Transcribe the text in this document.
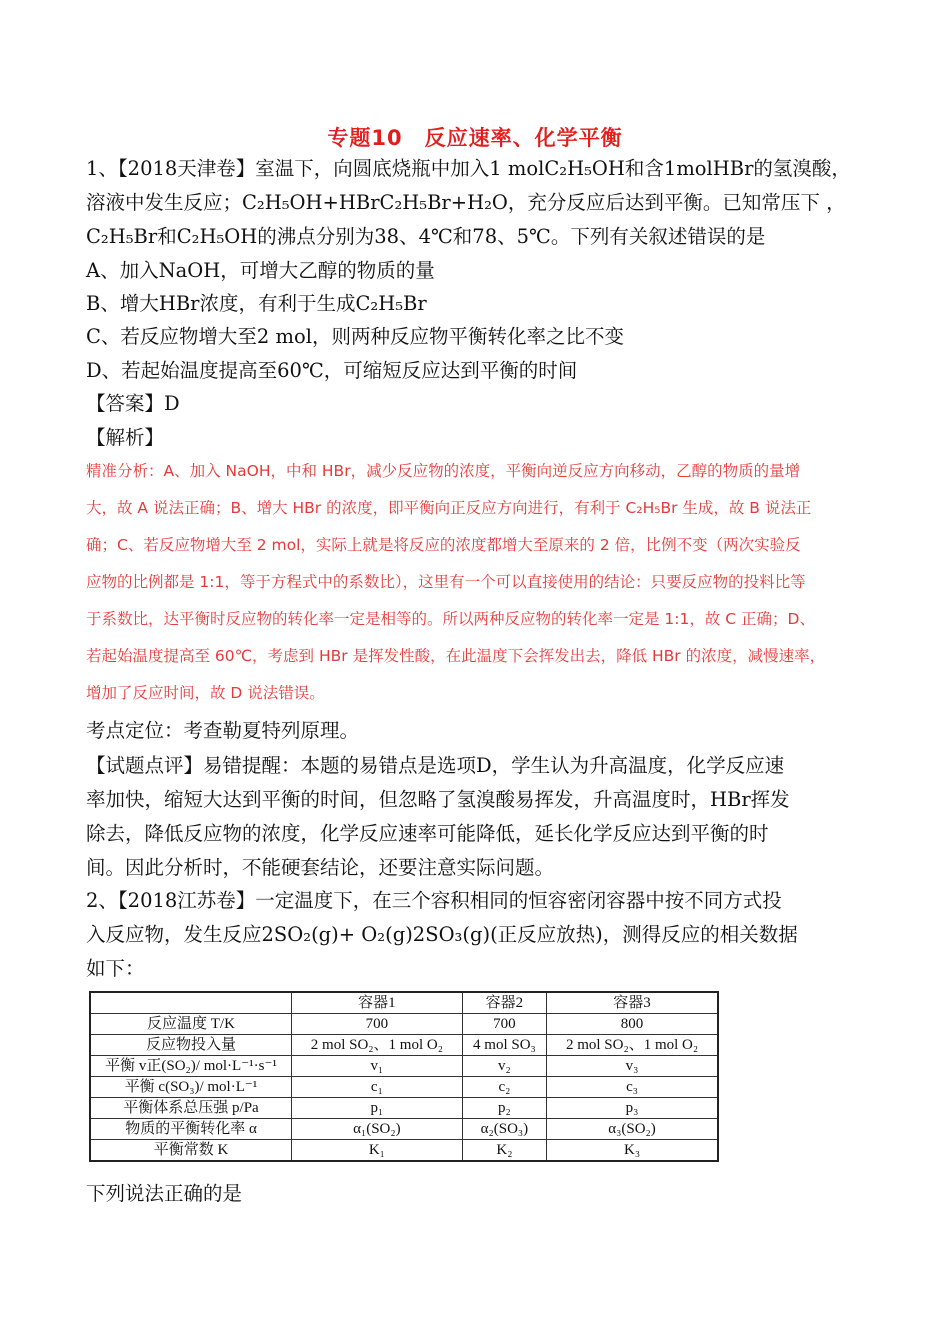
专题10　反应速率、化学平衡
1、【2018天津卷】室温下，向圆底烧瓶中加入1 molC₂H₅OH和含1molHBr的氢溴酸，
溶液中发生反应；C₂H₅OH+HBrC₂H₅Br+H₂O，充分反应后达到平衡。已知常压下 ，
C₂H₅Br和C₂H₅OH的沸点分别为38、4℃和78、5℃。下列有关叙述错误的是
A、加入NaOH，可增大乙醇的物质的量
B、增大HBr浓度，有利于生成C₂H₅Br
C、若反应物增大至2 mol，则两种反应物平衡转化率之比不变
D、若起始温度提高至60℃，可缩短反应达到平衡的时间
【答案】D
【解析】
精准分析：A、加入 NaOH，中和 HBr，减少反应物的浓度，平衡向逆反应方向移动，乙醇的物质的量增
大，故 A 说法正确；B、增大 HBr 的浓度，即平衡向正反应方向进行，有利于 C₂H₅Br 生成，故 B 说法正
确；C、若反应物增大至 2 mol，实际上就是将反应的浓度都增大至原来的 2 倍，比例不变（两次实验反
应物的比例都是 1:1，等于方程式中的系数比），这里有一个可以直接使用的结论：只要反应物的投料比等
于系数比，达平衡时反应物的转化率一定是相等的。所以两种反应物的转化率一定是 1:1，故 C 正确；D、
若起始温度提高至 60℃，考虑到 HBr 是挥发性酸，在此温度下会挥发出去，降低 HBr 的浓度，减慢速率，
增加了反应时间，故 D 说法错误。
考点定位：考查勒夏特列原理。
【试题点评】易错提醒：本题的易错点是选项D，学生认为升高温度，化学反应速
率加快，缩短大达到平衡的时间，但忽略了氢溴酸易挥发，升高温度时，HBr挥发
除去，降低反应物的浓度，化学反应速率可能降低，延长化学反应达到平衡的时
间。因此分析时，不能硬套结论，还要注意实际问题。
2、【2018江苏卷】一定温度下，在三个容积相同的恒容密闭容器中按不同方式投
入反应物，发生反应2SO₂(g)+ O₂(g)2SO₃(g)(正反应放热)，测得反应的相关数据
如下：
	容器1	容器2	容器3
反应温度 T/K	700	700	800
反应物投入量	2 mol SO₂、1 mol O₂	4 mol SO₃	2 mol SO₂、1 mol O₂
平衡 v正(SO₂)/ mol·L⁻¹·s⁻¹	v₁	v₂	v₃
平衡 c(SO₃)/ mol·L⁻¹	c₁	c₂	c₃
平衡体系总压强 p/Pa	p₁	p₂	p₃
物质的平衡转化率 α	α₁(SO₂)	α₂(SO₃)	α₃(SO₂)
平衡常数 K	K₁	K₂	K₃
下列说法正确的是
